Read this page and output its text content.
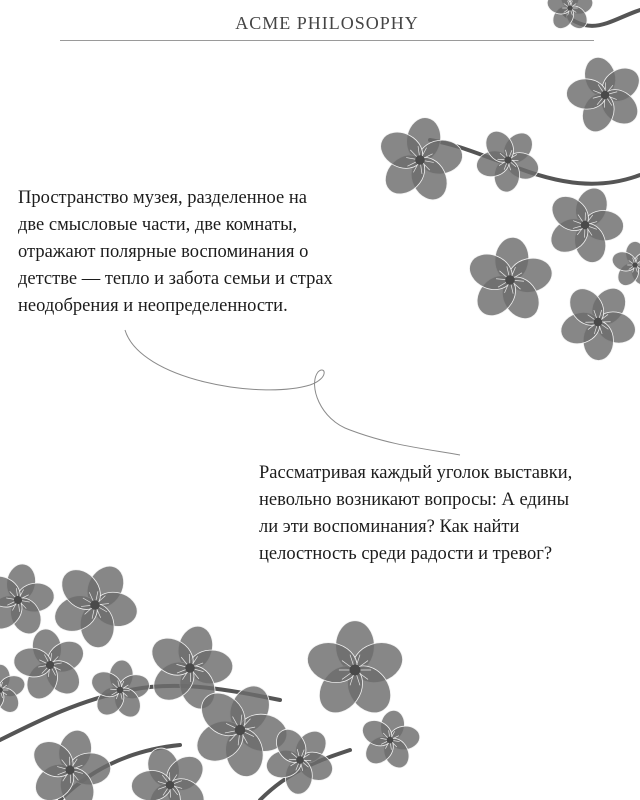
ACME PHILOSOPHY
Пространство музея, разделенное на
две смысловые части, две комнаты,
отражают полярные воспоминания о
детстве — тепло и забота семьи и страх
неодобрения и неопределенности.
Рассматривая каждый уголок выставки,
невольно возникают вопросы: А едины
ли эти воспоминания? Как найти
целостность среди радости и тревог?
